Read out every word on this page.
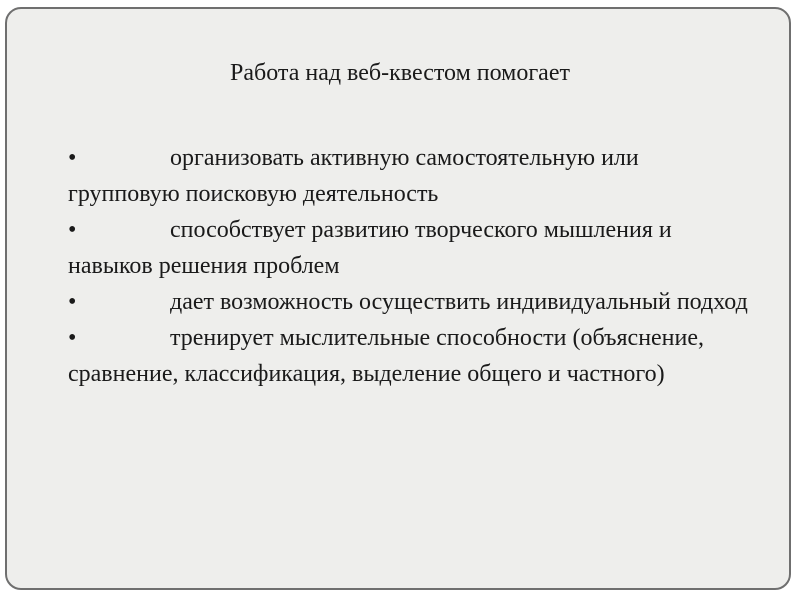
Работа над веб-квестом помогает
•	организовать активную самостоятельную или групповую поисковую деятельность
•	способствует развитию творческого мышления и навыков решения проблем
•	дает возможность осуществить индивидуальный подход
•	тренирует мыслительные способности (объяснение, сравнение, классификация, выделение общего и частного)
